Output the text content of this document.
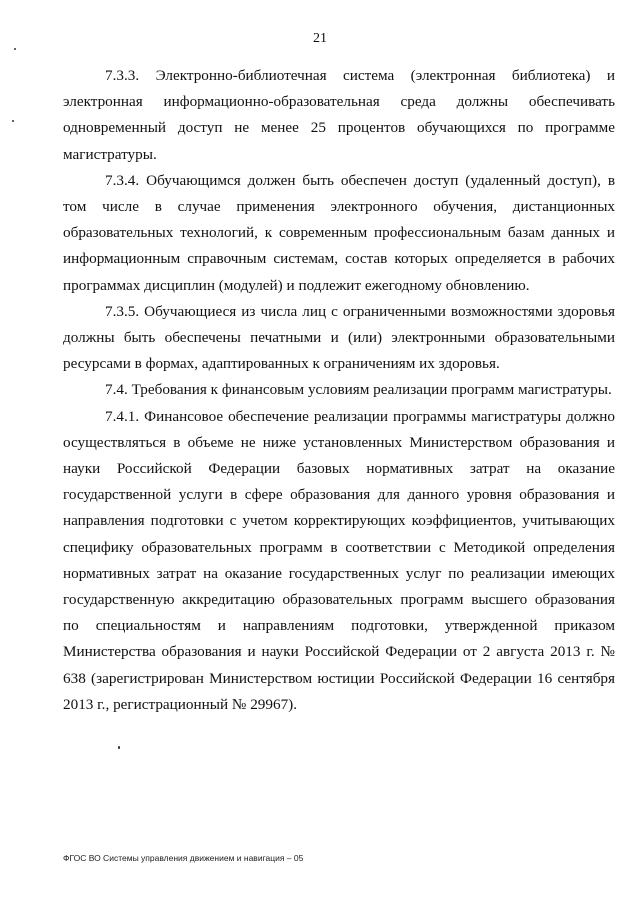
21

7.3.3. Электронно-библиотечная система (электронная библиотека) и электронная информационно-образовательная среда должны обеспечивать одновременный доступ не менее 25 процентов обучающихся по программе магистратуры.

7.3.4. Обучающимся должен быть обеспечен доступ (удаленный доступ), в том числе в случае применения электронного обучения, дистанционных образовательных технологий, к современным профессиональным базам данных и информационным справочным системам, состав которых определяется в рабочих программах дисциплин (модулей) и подлежит ежегодному обновлению.

7.3.5. Обучающиеся из числа лиц с ограниченными возможностями здоровья должны быть обеспечены печатными и (или) электронными образовательными ресурсами в формах, адаптированных к ограничениям их здоровья.

7.4. Требования к финансовым условиям реализации программ магистратуры.

7.4.1. Финансовое обеспечение реализации программы магистратуры должно осуществляться в объеме не ниже установленных Министерством образования и науки Российской Федерации базовых нормативных затрат на оказание государственной услуги в сфере образования для данного уровня образования и направления подготовки с учетом корректирующих коэффициентов, учитывающих специфику образовательных программ в соответствии с Методикой определения нормативных затрат на оказание государственных услуг по реализации имеющих государственную аккредитацию образовательных программ высшего образования по специальностям и направлениям подготовки, утвержденной приказом Министерства образования и науки Российской Федерации от 2 августа 2013 г. № 638 (зарегистрирован Министерством юстиции Российской Федерации 16 сентября 2013 г., регистрационный № 29967).

ФГОС ВО Системы управления движением и навигация – 05
